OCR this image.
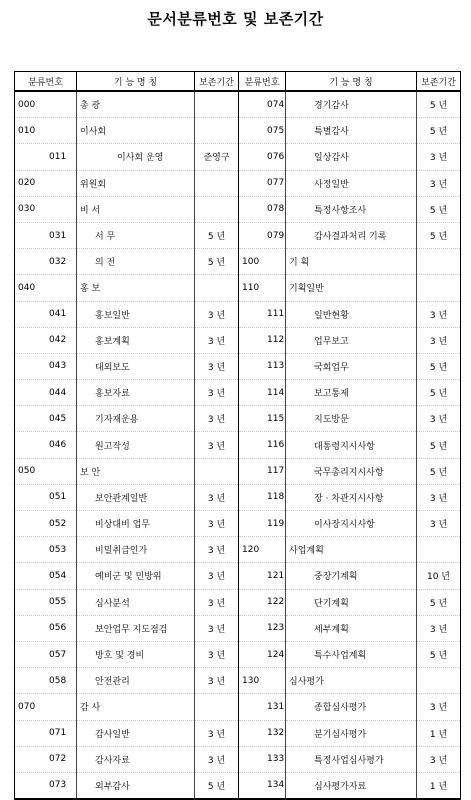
문서분류번호 및 보존기간
분류번호	기 능 명 칭	보존기간	분류번호	기 능 명 칭	보존기간
000	총 광		074	경기감사	5 년
010	이사회		075	특별감사	5 년
011	이사회 운영	준영구	076	일상감사	3 년
020	위원회		077	사정일반	3 년
030	비 서		078	특정사항조사	5 년
031	서 무	5 년	079	감사결과처리 기록	5 년
032	의 전	5 년	100	기 획	
040	홍 보		110	기획일반	
041	홍보일반	3 년	111	일반현황	3 년
042	홍보계획	3 년	112	업무보고	3 년
043	대외보도	3 년	113	국회업무	5 년
044	홍보자료	3 년	114	보고통제	5 년
045	기자재운용	3 년	115	지도방문	3 년
046	원고작성	3 년	116	대통령지시사항	5 년
050	보 안		117	국무총리지시사항	5 년
051	보안관계일반	3 년	118	장 · 차관지시사항	3 년
052	비상대비 업무	3 년	119	이사장지시사항	3 년
053	비밀취급인가	3 년	120	사업계획	
054	예비군 및 민방위	3 년	121	중장기계획	10 년
055	심사분석	3 년	122	단기계획	5 년
056	보안업무 지도점검	3 년	123	세부계획	3 년
057	방호 및 경비	3 년	124	특수사업계획	5 년
058	안전관리	3 년	130	심사평가	
070	감 사		131	종합심사평가	3 년
071	감사일반	3 년	132	분기심사평가	1 년
072	감사자료	3 년	133	특정사업심사평가	3 년
073	외부감사	5 년	134	심사평가자료	1 년
